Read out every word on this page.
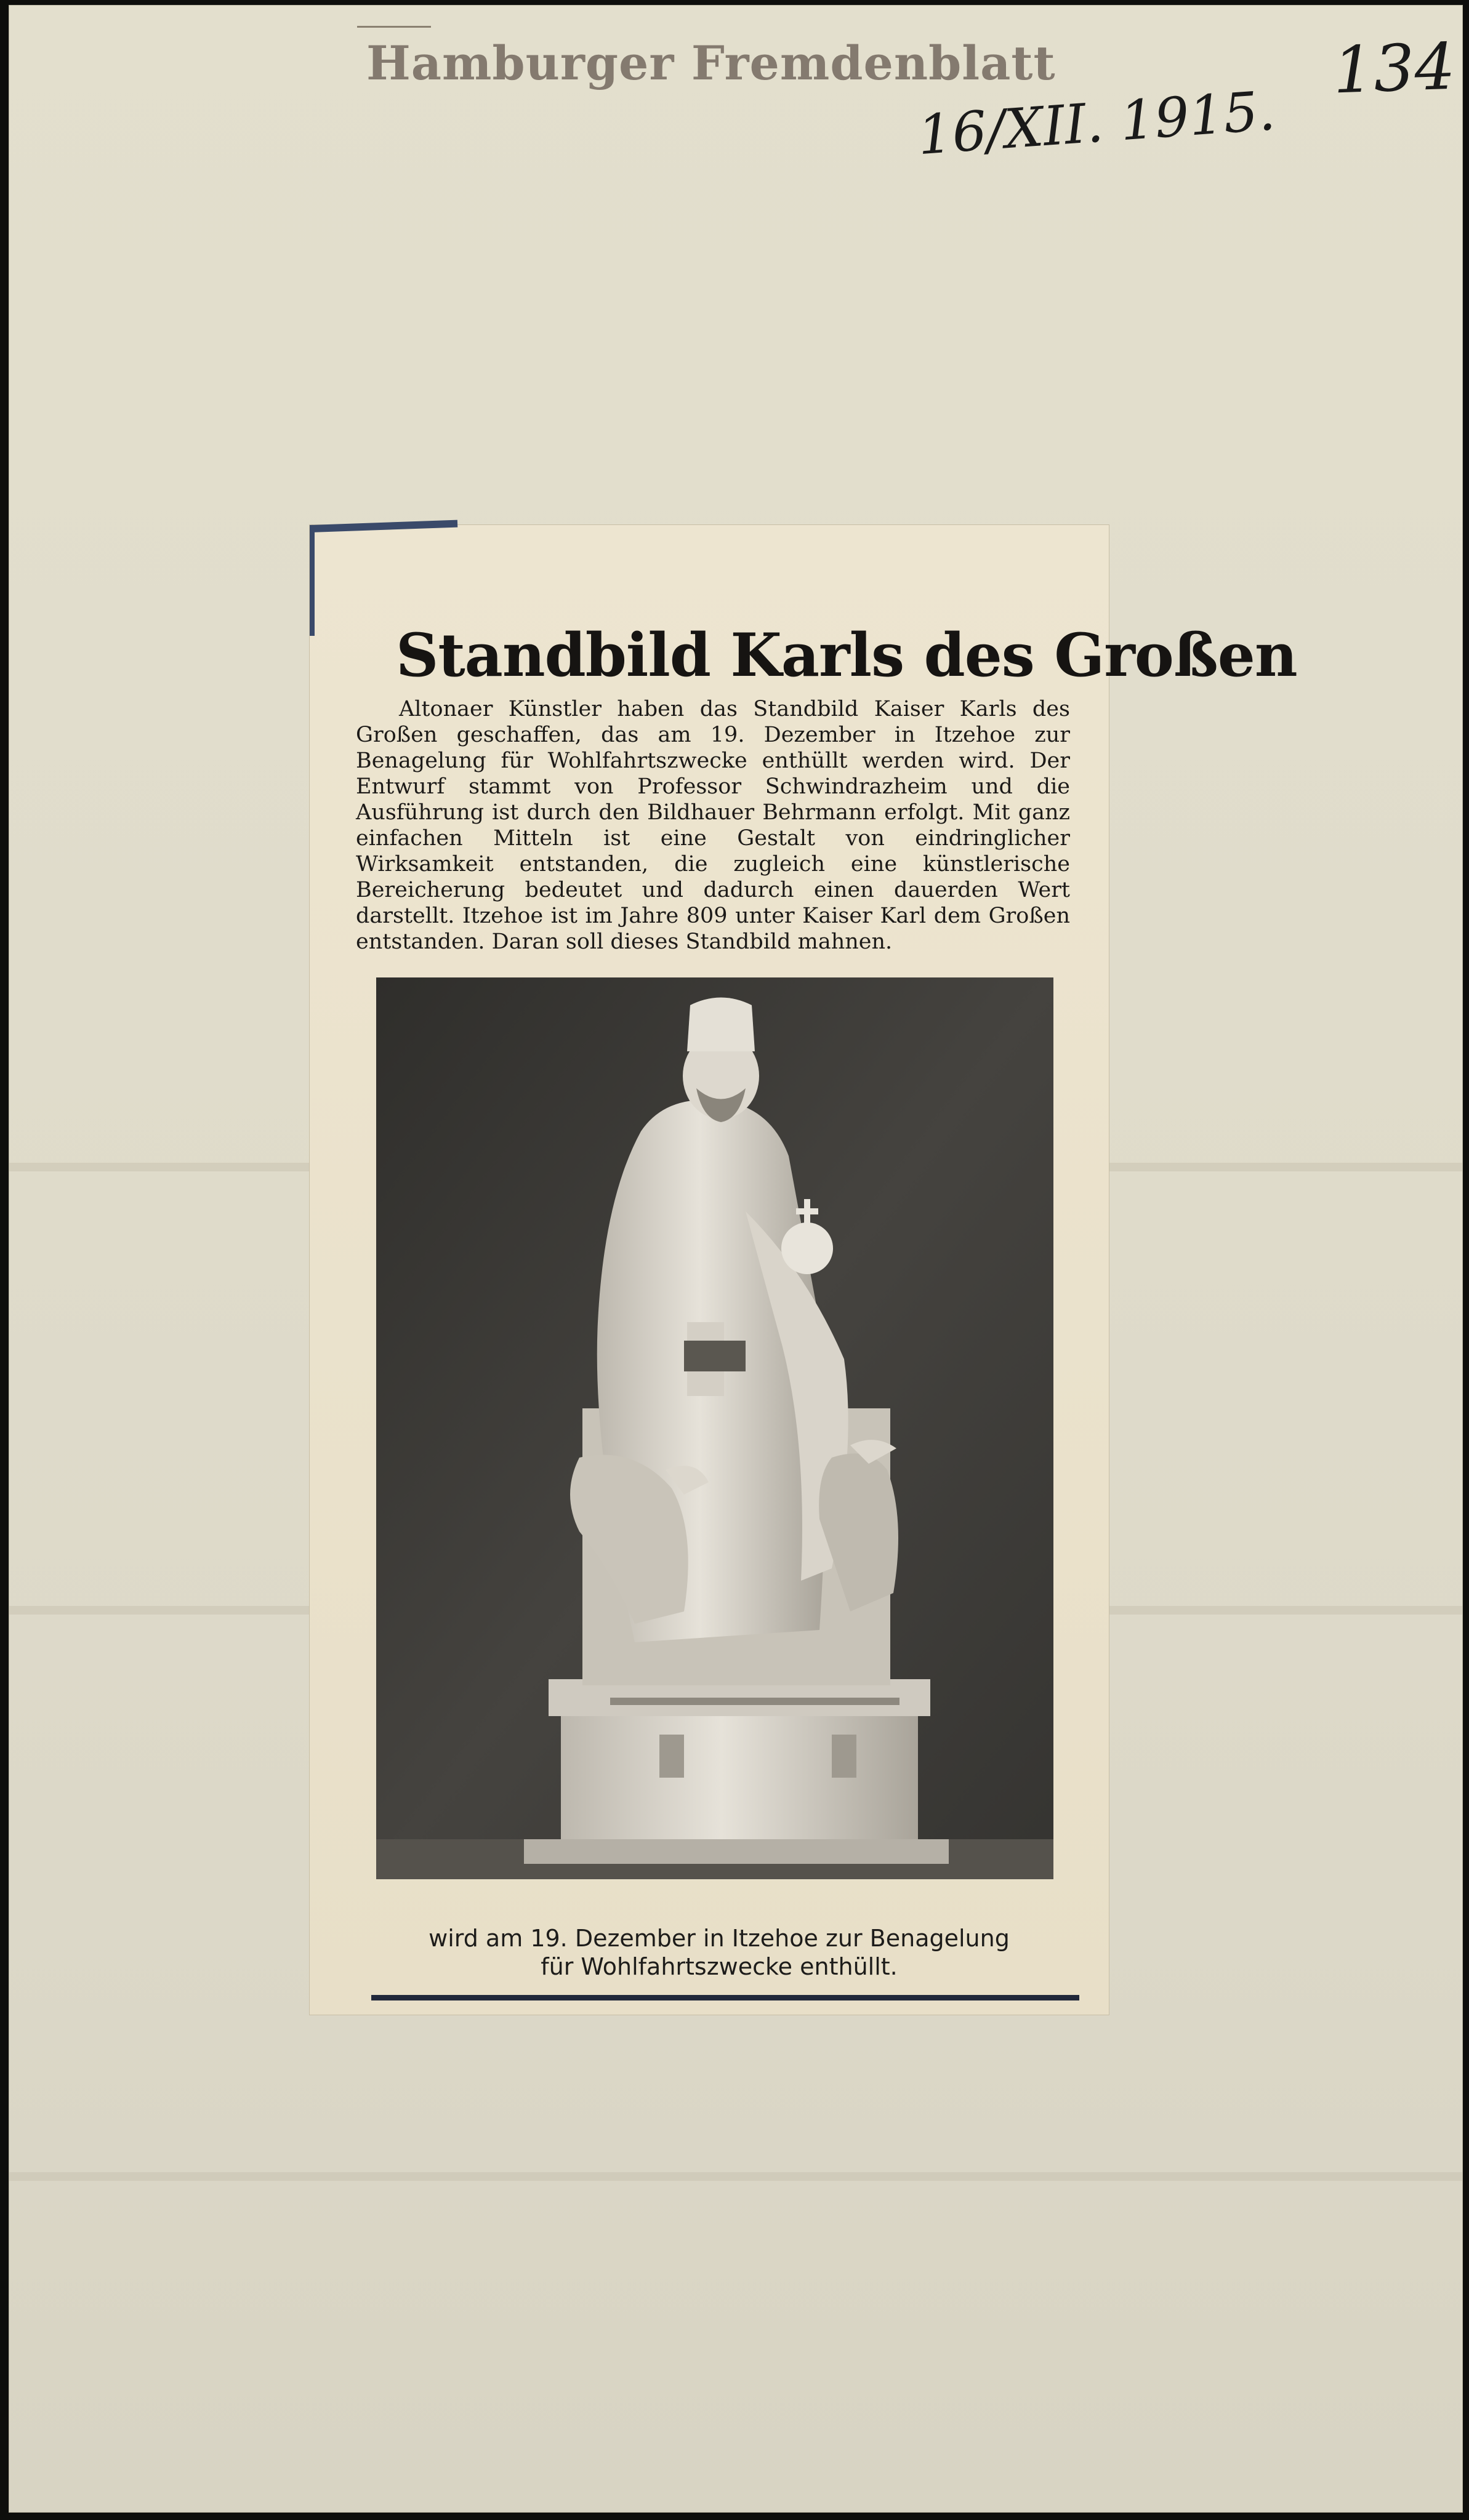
Hamburger Fremdenblatt	134
16/XII. 1915.
Standbild Karls des Großen

Altonaer Künstler haben das Standbild Kaiser Karls des Großen geschaffen, das am 19. Dezember in Itzehoe zur Benagelung für Wohlfahrtszwecke enthüllt werden wird. Der Entwurf stammt von Professor Schwindrazheim und die Ausführung ist durch den Bildhauer Behrmann erfolgt. Mit ganz einfachen Mitteln ist eine Gestalt von eindringlicher Wirksamkeit entstanden, die zugleich eine künstlerische Bereicherung bedeutet und dadurch einen dauerden Wert darstellt. Itzehoe ist im Jahre 809 unter Kaiser Karl dem Großen entstanden. Daran soll dieses Standbild mahnen.

wird am 19. Dezember in Itzehoe zur Benagelung
für Wohlfahrtszwecke enthüllt.
